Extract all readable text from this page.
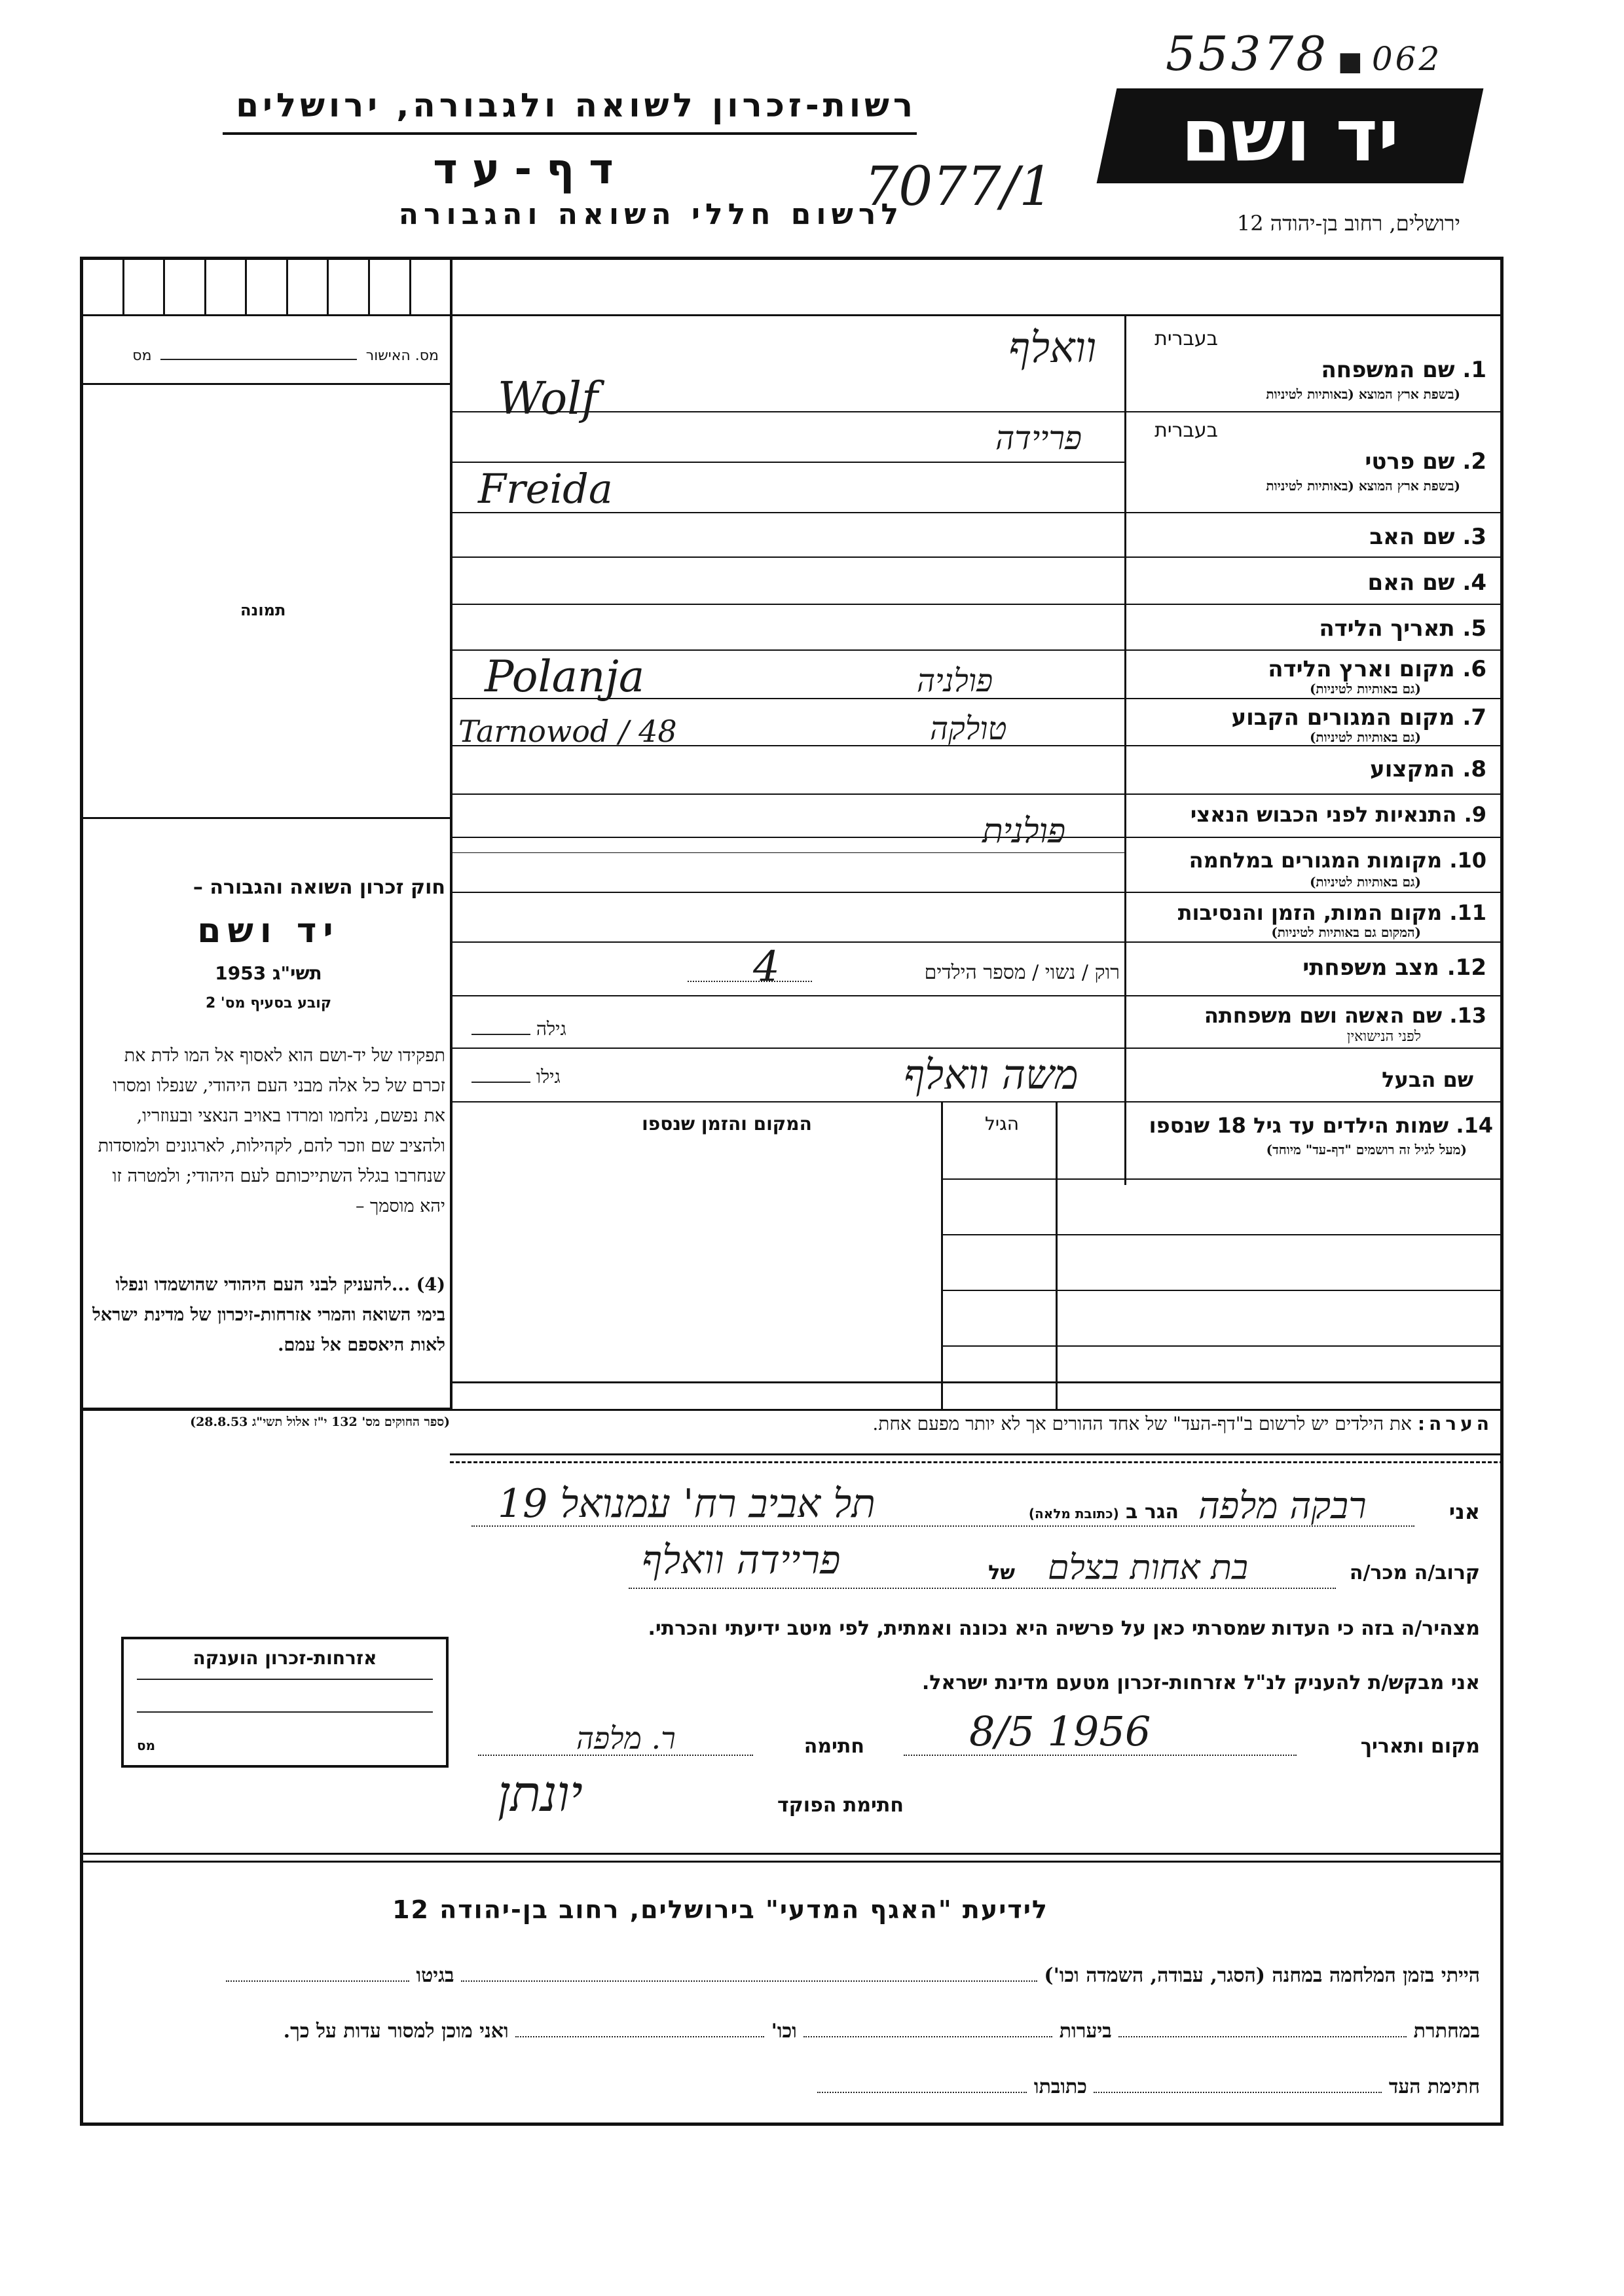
55378 ■ 062
יד ושם
רשות-זכרון לשואה ולגבורה, ירושלים
דף-עד	7077/1
לרשום חללי השואה והגבורה	ירושלים, רחוב בן-יהודה 12
מס. האישור  מס
תמונה
חוק זכרון השואה והגבורה –
יד ושם
תשי"ג 1953
קובע בסעיף מס' 2
תפקידו של יד-ושם הוא לאסוף אל המו לדת את זכרם של כל אלה מבני העם היהודי, שנפלו ומסרו את נפשם, נלחמו ומרדו באויב הנאצי ובעוזריו, ולהציב שם וזכר להם, לקהילות, לארגונים ולמוסדות שנחרבו בגלל השתייכותם לעם היהודי; ולמטרה זו יהא מוסמך –
(4) ...להעניק לבני העם היהודי שהושמדו ונפלו בימי השואה והמרי אזרחות-זיכרון של מדינת ישראל לאות היאספם אל עמם.
(ספר החוקים מס' 132 י"ז אלול תשי"ג 28.8.53)
בעברית
1. שם המשפחה
(בשפת ארץ המוצא (באותיות לטיניות
וואלף
Wolf
בעברית
2. שם פרטי
(בשפת ארץ המוצא (באותיות לטיניות
פריידה
Freida
3. שם האב
4. שם האם
5. תאריך הלידה
6. מקום וארץ הלידה
(גם באותיות לטיניות)
פולניה
Polanja
7. מקום המגורים הקבוע
(גם באותיות לטיניות)
טולקה
Tarnowod / 48
8. המקצוע
9. התנאיות לפני הכבוש הנאצי
פולנית
10. מקומות המגורים במלחמה
(גם באותיות לטיניות)
11. מקום המות, הזמן והנסיבות
(המקום גם באותיות לטיניות)
12. מצב משפחתי
רוק / נשוי / מספר הילדים
4
13. שם האשה ושם משפחתה
לפני הנישואין
גילה
שם הבעל
משה וואלף
גילו
14. שמות הילדים עד גיל 18 שנספו
(מעל לגיל זה רושמים "דף-עד" מיוחד)
הגיל
המקום והזמן שנספו
הערה: את הילדים יש לרשום ב"דף-העד" של אחד ההורים אך לא יותר מפעם אחת.
אני
רבקה מלפה
הגר ב (כתובת מלאה)
תל אביב רח' עמנואל 19
קרוב/ה מכר/ה
בת אחות בצלם
של
פריידה וואלף
מצהיר/ה בזה כי העדות שמסרתי כאן על פרשיה היא נכונה ואמתית, לפי מיטב ידיעתי והכרתי.
אני מבקש/ת להעניק לנ"ל אזרחות-זכרון מטעם מדינת ישראל.
אזרחות-זכרון הוענקה
מס	מקום ותאריך
8/5 1956
חתימה
ר. מלפה
חתימת הפוקד
יונתן
לידיעת "האגף המדעי" בירושלים, רחוב בן-יהודה 12
הייתי בזמן המלחמה במחנה (הסגר, עבודה, השמדה וכו')  בגיטו
במחתרת  ביערות  וכו'  ואני מוכן למסור עדות על כך.
חתימת העד  כתובתו
